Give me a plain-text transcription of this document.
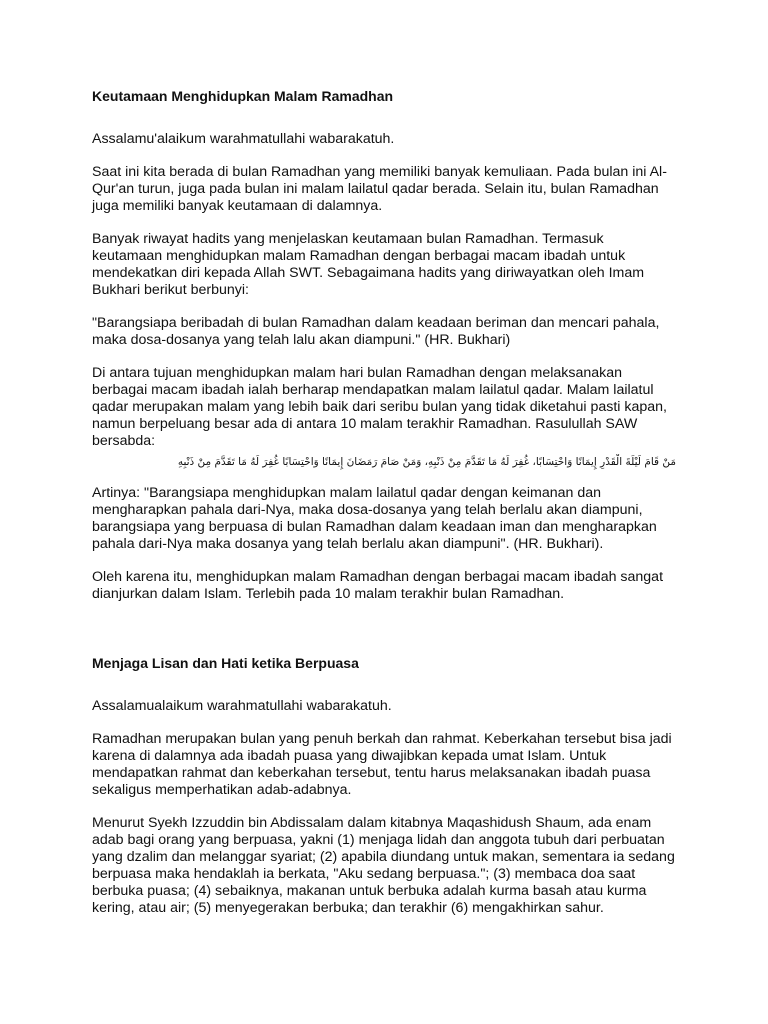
Keutamaan Menghidupkan Malam Ramadhan

Assalamu'alaikum warahmatullahi wabarakatuh.

Saat ini kita berada di bulan Ramadhan yang memiliki banyak kemuliaan. Pada bulan ini Al-Qur'an turun, juga pada bulan ini malam lailatul qadar berada. Selain itu, bulan Ramadhan juga memiliki banyak keutamaan di dalamnya.

Banyak riwayat hadits yang menjelaskan keutamaan bulan Ramadhan. Termasuk keutamaan menghidupkan malam Ramadhan dengan berbagai macam ibadah untuk mendekatkan diri kepada Allah SWT. Sebagaimana hadits yang diriwayatkan oleh Imam Bukhari berikut berbunyi:

"Barangsiapa beribadah di bulan Ramadhan dalam keadaan beriman dan mencari pahala, maka dosa-dosanya yang telah lalu akan diampuni." (HR. Bukhari)

Di antara tujuan menghidupkan malam hari bulan Ramadhan dengan melaksanakan berbagai macam ibadah ialah berharap mendapatkan malam lailatul qadar. Malam lailatul qadar merupakan malam yang lebih baik dari seribu bulan yang tidak diketahui pasti kapan, namun berpeluang besar ada di antara 10 malam terakhir Ramadhan. Rasulullah SAW bersabda:

مَنْ قَامَ لَيْلَةَ الْقَدْرِ إِيمَانًا وَاحْتِسَابًا، غُفِرَ لَهُ مَا تَقَدَّمَ مِنْ ذَنْبِهِ، وَمَنْ صَامَ رَمَضَانَ إِيمَانًا وَاحْتِسَابًا غُفِرَ لَهُ مَا تَقَدَّمَ مِنْ ذَنْبِهِ

Artinya: "Barangsiapa menghidupkan malam lailatul qadar dengan keimanan dan mengharapkan pahala dari-Nya, maka dosa-dosanya yang telah berlalu akan diampuni, barangsiapa yang berpuasa di bulan Ramadhan dalam keadaan iman dan mengharapkan pahala dari-Nya maka dosanya yang telah berlalu akan diampuni". (HR. Bukhari).

Oleh karena itu, menghidupkan malam Ramadhan dengan berbagai macam ibadah sangat dianjurkan dalam Islam. Terlebih pada 10 malam terakhir bulan Ramadhan.

Menjaga Lisan dan Hati ketika Berpuasa

Assalamualaikum warahmatullahi wabarakatuh.

Ramadhan merupakan bulan yang penuh berkah dan rahmat. Keberkahan tersebut bisa jadi karena di dalamnya ada ibadah puasa yang diwajibkan kepada umat Islam. Untuk mendapatkan rahmat dan keberkahan tersebut, tentu harus melaksanakan ibadah puasa sekaligus memperhatikan adab-adabnya.

Menurut Syekh Izzuddin bin Abdissalam dalam kitabnya Maqashidush Shaum, ada enam adab bagi orang yang berpuasa, yakni (1) menjaga lidah dan anggota tubuh dari perbuatan yang dzalim dan melanggar syariat; (2) apabila diundang untuk makan, sementara ia sedang berpuasa maka hendaklah ia berkata, "Aku sedang berpuasa."; (3) membaca doa saat berbuka puasa; (4) sebaiknya, makanan untuk berbuka adalah kurma basah atau kurma kering, atau air; (5) menyegerakan berbuka; dan terakhir (6) mengakhirkan sahur.
